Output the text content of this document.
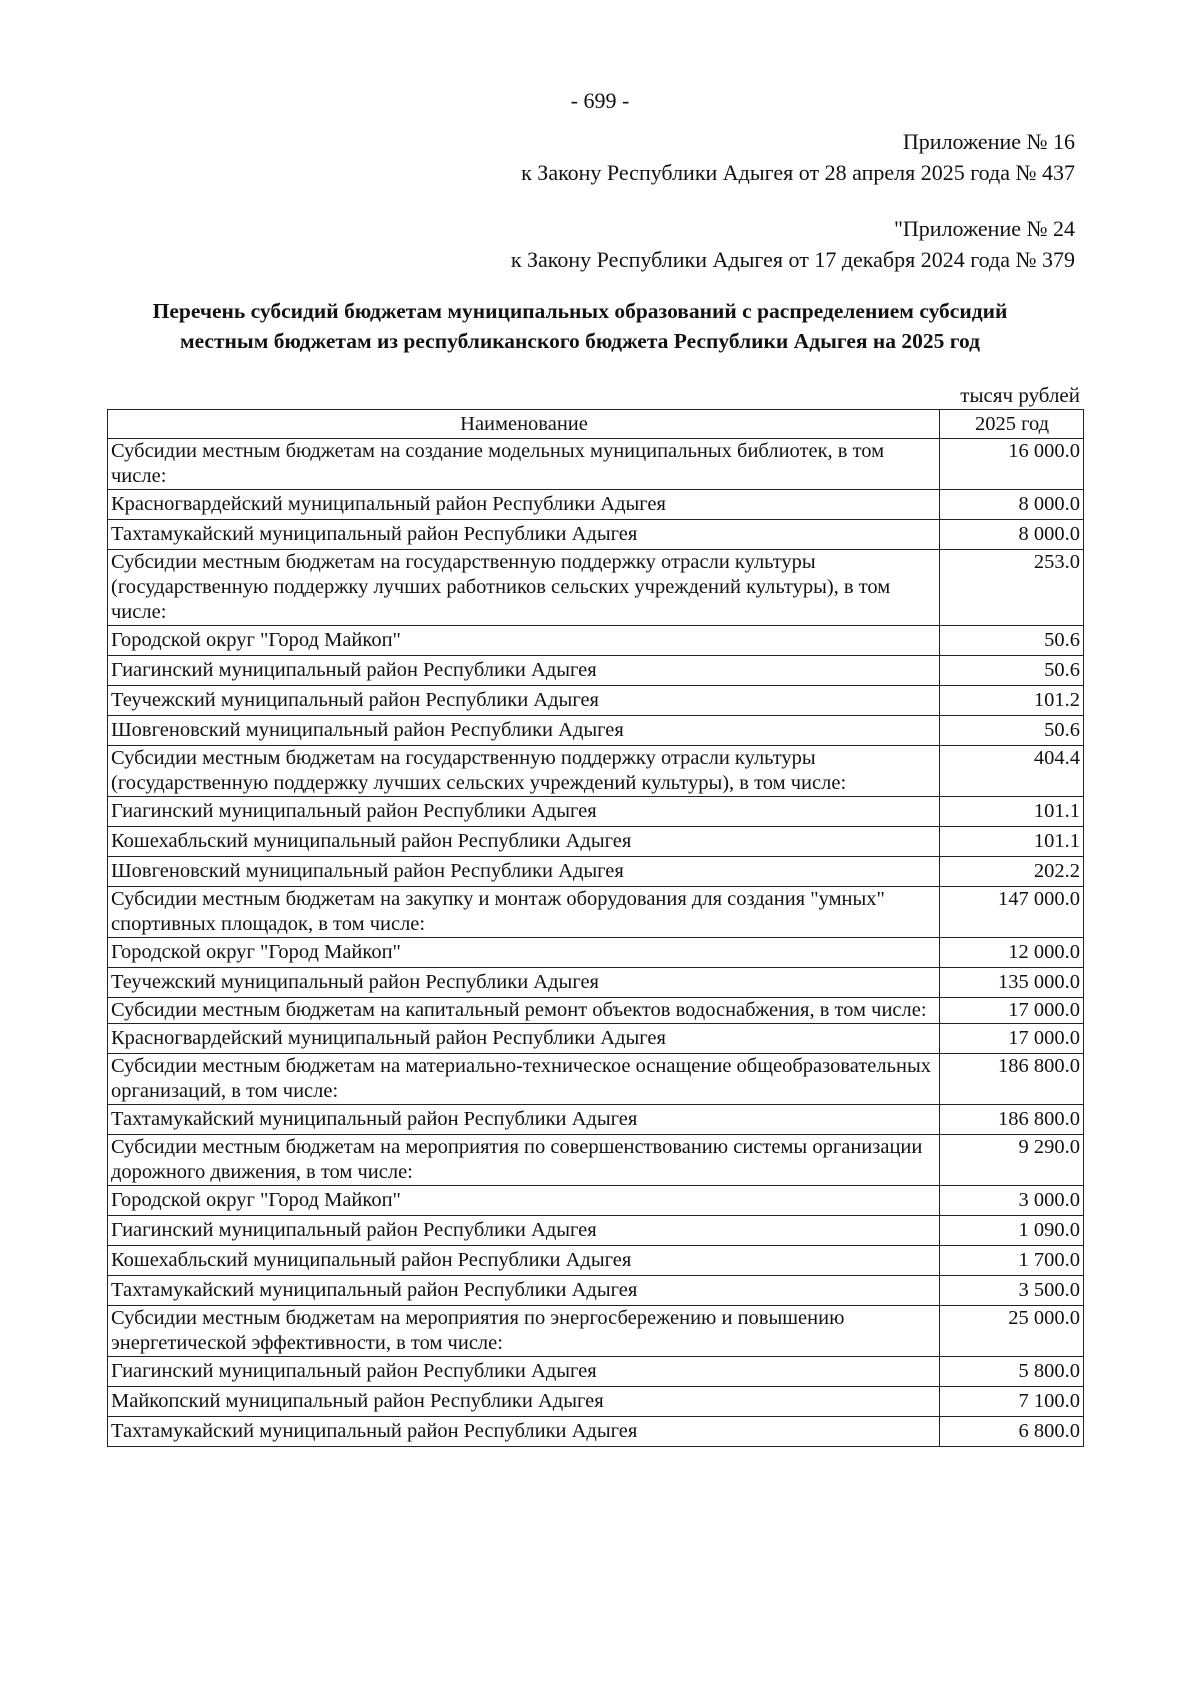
- 699 -
Приложение № 16
к Закону Республики Адыгея от 28 апреля 2025 года № 437
"Приложение № 24
к Закону Республики Адыгея от 17 декабря 2024 года № 379
Перечень субсидий бюджетам муниципальных образований с распределением субсидий
местным бюджетам из республиканского бюджета Республики Адыгея на 2025 год
тысяч рублей
Наименование	2025 год
Субсидии местным бюджетам на создание модельных муниципальных библиотек, в том числе:	16 000.0
Красногвардейский муниципальный район Республики Адыгея	8 000.0
Тахтамукайский муниципальный район Республики Адыгея	8 000.0
Субсидии местным бюджетам на государственную поддержку отрасли культуры (государственную поддержку лучших работников сельских учреждений культуры), в том числе:	253.0
Городской округ "Город Майкоп"	50.6
Гиагинский муниципальный район Республики Адыгея	50.6
Теучежский муниципальный район Республики Адыгея	101.2
Шовгеновский муниципальный район Республики Адыгея	50.6
Субсидии местным бюджетам на государственную поддержку отрасли культуры (государственную поддержку лучших сельских учреждений культуры), в том числе:	404.4
Гиагинский муниципальный район Республики Адыгея	101.1
Кошехабльский муниципальный район Республики Адыгея	101.1
Шовгеновский муниципальный район Республики Адыгея	202.2
Субсидии местным бюджетам на закупку и монтаж оборудования для создания "умных" спортивных площадок, в том числе:	147 000.0
Городской округ "Город Майкоп"	12 000.0
Теучежский муниципальный район Республики Адыгея	135 000.0
Субсидии местным бюджетам на капитальный ремонт объектов водоснабжения, в том числе:	17 000.0
Красногвардейский муниципальный район Республики Адыгея	17 000.0
Субсидии местным бюджетам на материально-техническое оснащение общеобразовательных организаций, в том числе:	186 800.0
Тахтамукайский муниципальный район Республики Адыгея	186 800.0
Субсидии местным бюджетам на мероприятия по совершенствованию системы организации дорожного движения, в том числе:	9 290.0
Городской округ "Город Майкоп"	3 000.0
Гиагинский муниципальный район Республики Адыгея	1 090.0
Кошехабльский муниципальный район Республики Адыгея	1 700.0
Тахтамукайский муниципальный район Республики Адыгея	3 500.0
Субсидии местным бюджетам на мероприятия по энергосбережению и повышению энергетической эффективности, в том числе:	25 000.0
Гиагинский муниципальный район Республики Адыгея	5 800.0
Майкопский муниципальный район Республики Адыгея	7 100.0
Тахтамукайский муниципальный район Республики Адыгея	6 800.0
